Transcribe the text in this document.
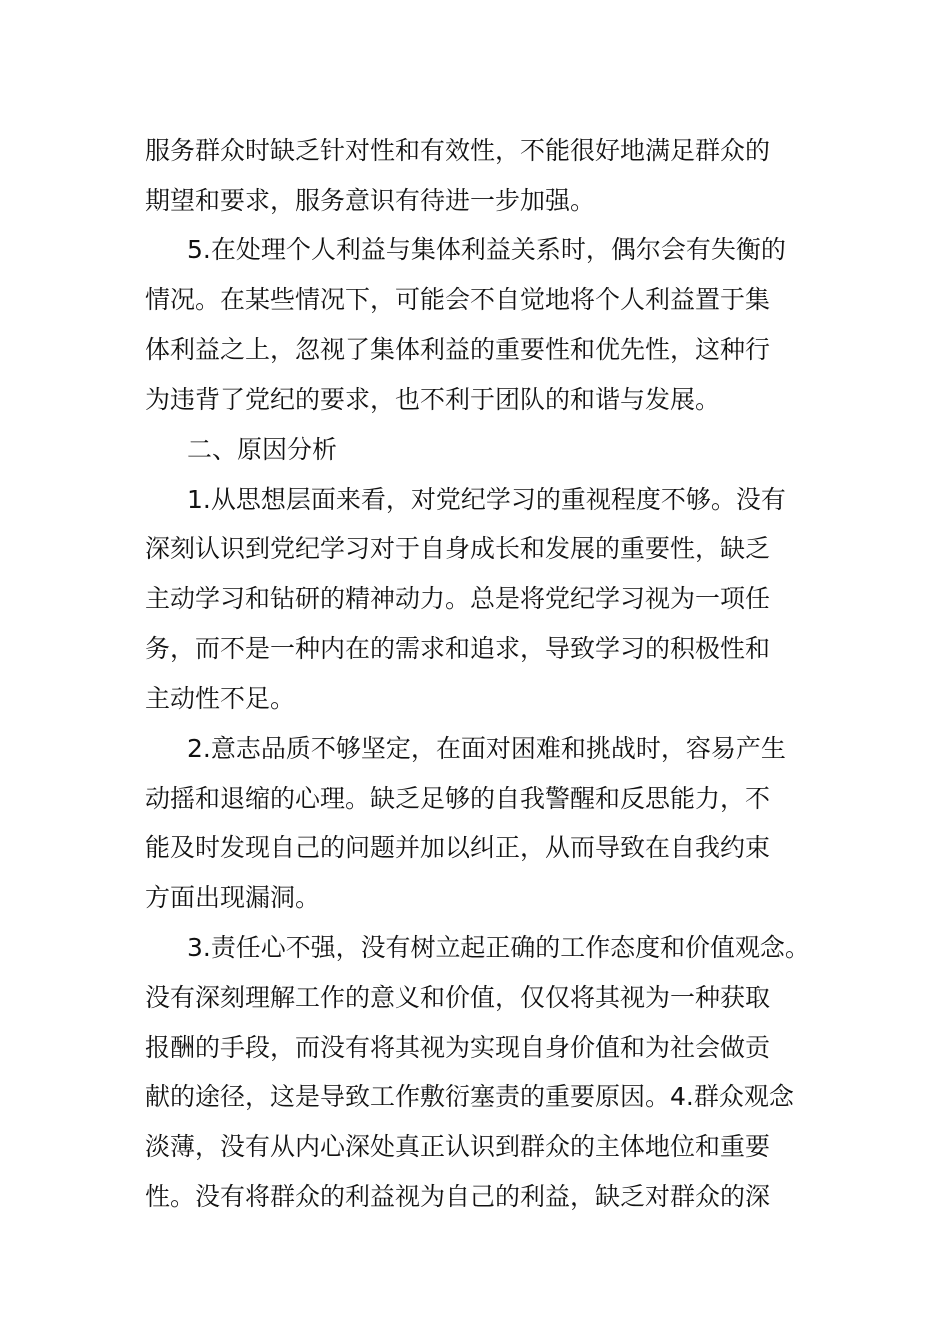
服务群众时缺乏针对性和有效性，不能很好地满足群众的

期望和要求，服务意识有待进一步加强。

5.在处理个人利益与集体利益关系时，偶尔会有失衡的

情况。在某些情况下，可能会不自觉地将个人利益置于集

体利益之上，忽视了集体利益的重要性和优先性，这种行

为违背了党纪的要求，也不利于团队的和谐与发展。

二、原因分析

1.从思想层面来看，对党纪学习的重视程度不够。没有

深刻认识到党纪学习对于自身成长和发展的重要性，缺乏

主动学习和钻研的精神动力。总是将党纪学习视为一项任

务，而不是一种内在的需求和追求，导致学习的积极性和

主动性不足。

2.意志品质不够坚定，在面对困难和挑战时，容易产生

动摇和退缩的心理。缺乏足够的自我警醒和反思能力，不

能及时发现自己的问题并加以纠正，从而导致在自我约束

方面出现漏洞。

3.责任心不强，没有树立起正确的工作态度和价值观念。

没有深刻理解工作的意义和价值，仅仅将其视为一种获取

报酬的手段，而没有将其视为实现自身价值和为社会做贡

献的途径，这是导致工作敷衍塞责的重要原因。4.群众观念

淡薄，没有从内心深处真正认识到群众的主体地位和重要

性。没有将群众的利益视为自己的利益，缺乏对群众的深
